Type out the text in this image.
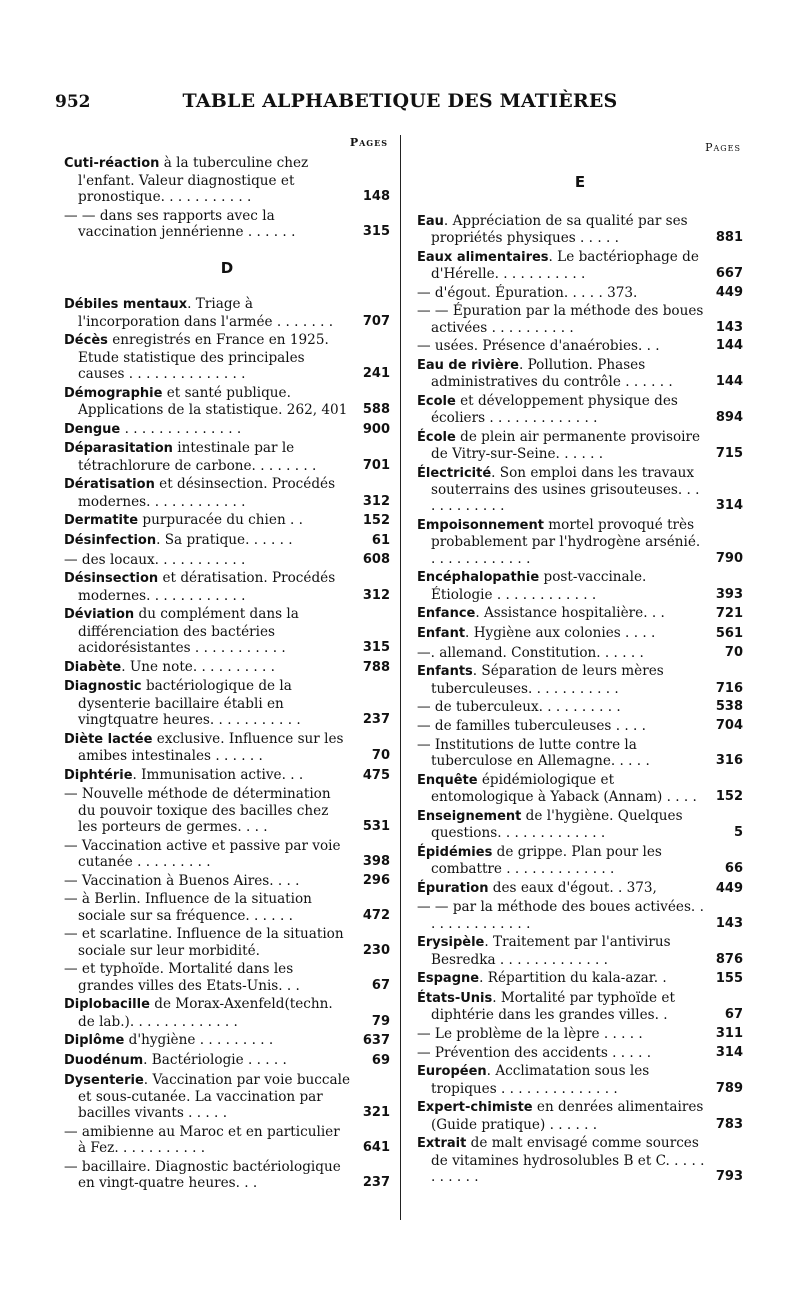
952	TABLE ALPHABETIQUE DES MATIÈRES
Pages
Cuti-réaction à la tuberculine chez l'enfant. Valeur diagnostique et pronostique. . . . . . . . . . .	148
— — dans ses rapports avec la vaccination jennérienne . . . . . .	315
D
Débiles mentaux. Triage à l'incorporation dans l'armée . . . . . . .	707
Décès enregistrés en France en 1925. Etude statistique des principales causes . . . . . . . . . . . . . .	241
Démographie et santé publique. Applications de la statistique. 262, 401	588
Dengue . . . . . . . . . . . . . .	900
Déparasitation intestinale par le tétrachlorure de carbone. . . . . . . .	701
Dératisation et désinsection. Procédés modernes. . . . . . . . . . . .	312
Dermatite purpuracée du chien . .	152
Désinfection. Sa pratique. . . . . .	61
— des locaux. . . . . . . . . . .	608
Désinsection et dératisation. Procédés modernes. . . . . . . . . . . .	312
Déviation du complément dans la différenciation des bactéries acidorésistantes . . . . . . . . . . .	315
Diabète. Une note. . . . . . . . . .	788
Diagnostic bactériologique de la dysenterie bacillaire établi en vingtquatre heures. . . . . . . . . . .	237
Diète lactée exclusive. Influence sur les amibes intestinales . . . . . .	70
Diphtérie. Immunisation active. . .	475
— Nouvelle méthode de détermination du pouvoir toxique des bacilles chez les porteurs de germes. . . .	531
— Vaccination active et passive par voie cutanée . . . . . . . . .	398
— Vaccination à Buenos Aires. . . .	296
— à Berlin. Influence de la situation sociale sur sa fréquence. . . . . .	472
— et scarlatine. Influence de la situation sociale sur leur morbidité.	230
— et typhoïde. Mortalité dans les grandes villes des Etats-Unis. . .	67
Diplobacille de Morax-Axenfeld(techn. de lab.). . . . . . . . . . . . .	79
Diplôme d'hygiène . . . . . . . . .	637
Duodénum. Bactériologie . . . . .	69
Dysenterie. Vaccination par voie buccale et sous-cutanée. La vaccination par bacilles vivants . . . . .	321
— amibienne au Maroc et en particulier à Fez. . . . . . . . . . .	641
— bacillaire. Diagnostic bactériologique en vingt-quatre heures. . .	237
Pages
E
Eau. Appréciation de sa qualité par ses propriétés physiques . . . . .	881
Eaux alimentaires. Le bactériophage de d'Hérelle. . . . . . . . . . .	667
— d'égout. Épuration. . . . . 373.	449
— — Épuration par la méthode des boues activées . . . . . . . . . .	143
— usées. Présence d'anaérobies. . .	144
Eau de rivière. Pollution. Phases administratives du contrôle . . . . . .	144
Ecole et développement physique des écoliers . . . . . . . . . . . . .	894
École de plein air permanente provisoire de Vitry-sur-Seine. . . . . .	715
Électricité. Son emploi dans les travaux souterrains des usines grisouteuses. . . . . . . . . . . .	314
Empoisonnement mortel provoqué très probablement par l'hydrogène arsénié. . . . . . . . . . . . .	790
Encéphalopathie post-vaccinale. Étiologie . . . . . . . . . . . .	393
Enfance. Assistance hospitalière. . .	721
Enfant. Hygiène aux colonies . . . .	561
—. allemand. Constitution. . . . . .	70
Enfants. Séparation de leurs mères tuberculeuses. . . . . . . . . . .	716
— de tuberculeux. . . . . . . . . .	538
— de familles tuberculeuses . . . .	704
— Institutions de lutte contre la tuberculose en Allemagne. . . . .	316
Enquête épidémiologique et entomologique à Yaback (Annam) . . . .	152
Enseignement de l'hygiène. Quelques questions. . . . . . . . . . . . .	5
Épidémies de grippe. Plan pour les combattre . . . . . . . . . . . . .	66
Épuration des eaux d'égout. . 373,	449
— — par la méthode des boues activées. . . . . . . . . . . . . .	143
Erysipèle. Traitement par l'antivirus Besredka . . . . . . . . . . . . .	876
Espagne. Répartition du kala-azar. .	155
États-Unis. Mortalité par typhoïde et diphtérie dans les grandes villes. .	67
— Le problème de la lèpre . . . . .	311
— Prévention des accidents . . . . .	314
Européen. Acclimatation sous les tropiques . . . . . . . . . . . . . .	789
Expert-chimiste en denrées alimentaires (Guide pratique) . . . . . .	783
Extrait de malt envisagé comme sources de vitamines hydrosolubles B et C. . . . . . . . . . .	793
